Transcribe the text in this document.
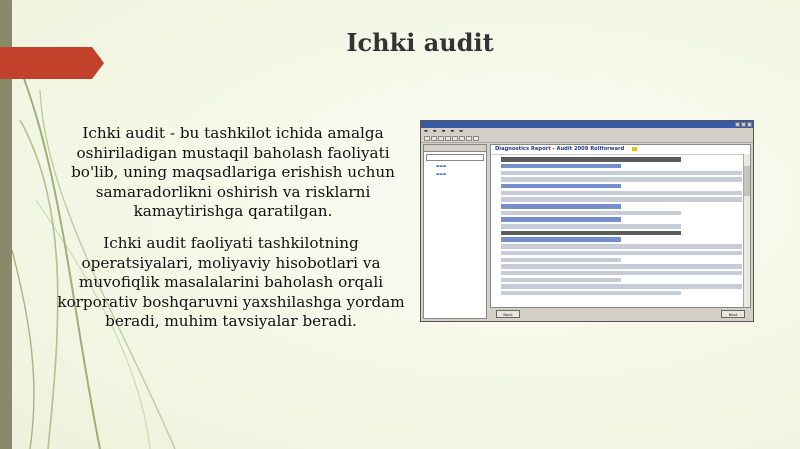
Ichki audit
Ichki audit - bu tashkilot ichida amalga oshiriladigan mustaqil baholash faoliyati bo'lib, uning maqsadlariga erishish uchun samaradorlikni oshirish va risklarni kamaytirishga qaratilgan.
Ichki audit faoliyati tashkilotning operatsiyalari, moliyaviy hisobotlari va muvofiqlik masalalarini baholash orqali korporativ boshqaruvni yaxshilashga yordam beradi, muhim tavsiyalar beradi.
▬ ▬ ▬ ▬ ▬
▬▬▬
▬▬▬
Diagnostics Report - Audit 2009 Rollforward
Back	Next
